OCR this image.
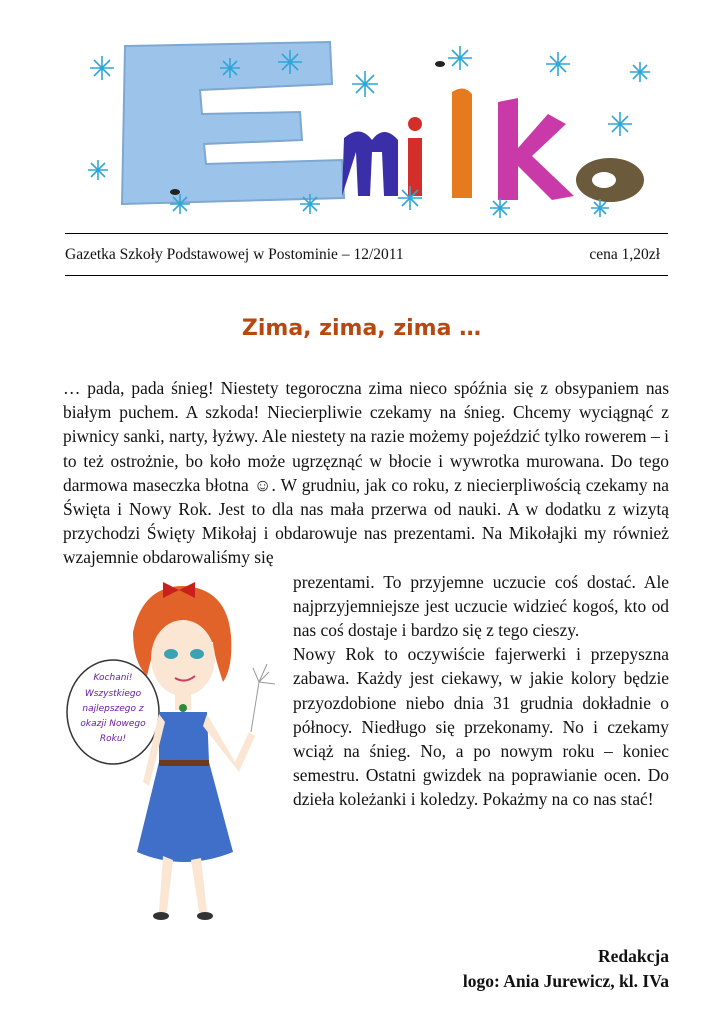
Gazetka Szkoły Podstawowej w Postominie – 12/2011	cena 1,20zł
Zima, zima, zima …

… pada, pada śnieg! Niestety tegoroczna zima nieco spóźnia się z obsypaniem nas białym puchem. A szkoda! Niecierpliwie czekamy na śnieg. Chcemy wyciągnąć z piwnicy sanki, narty, łyżwy. Ale niestety na razie możemy pojeździć tylko rowerem – i to też ostrożnie, bo koło może ugrzęznąć w błocie i wywrotka murowana. Do tego darmowa maseczka błotna ☺. W grudniu, jak co roku, z niecierpliwością czekamy na Święta i Nowy Rok. Jest to dla nas mała przerwa od nauki. A w dodatku z wizytą przychodzi Święty Mikołaj i obdarowuje nas prezentami. Na Mikołajki my również wzajemnie obdarowaliśmy się

Kochani!
Wszystkiego
najlepszego z
okazji Nowego
Roku!

prezentami. To przyjemne uczucie coś dostać. Ale najprzyjemniejsze jest uczucie widzieć kogoś, kto od nas coś dostaje i bardzo się z tego cieszy.

Nowy Rok to oczywiście fajerwerki i przepyszna zabawa. Każdy jest ciekawy, w jakie kolory będzie przyozdobione niebo dnia 31 grudnia dokładnie o północy. Niedługo się przekonamy. No i czekamy wciąż na śnieg. No, a po nowym roku – koniec semestru. Ostatni gwizdek na poprawianie ocen. Do dzieła koleżanki i koledzy. Pokażmy na co nas stać!

Redakcja
logo: Ania Jurewicz, kl. IVa
